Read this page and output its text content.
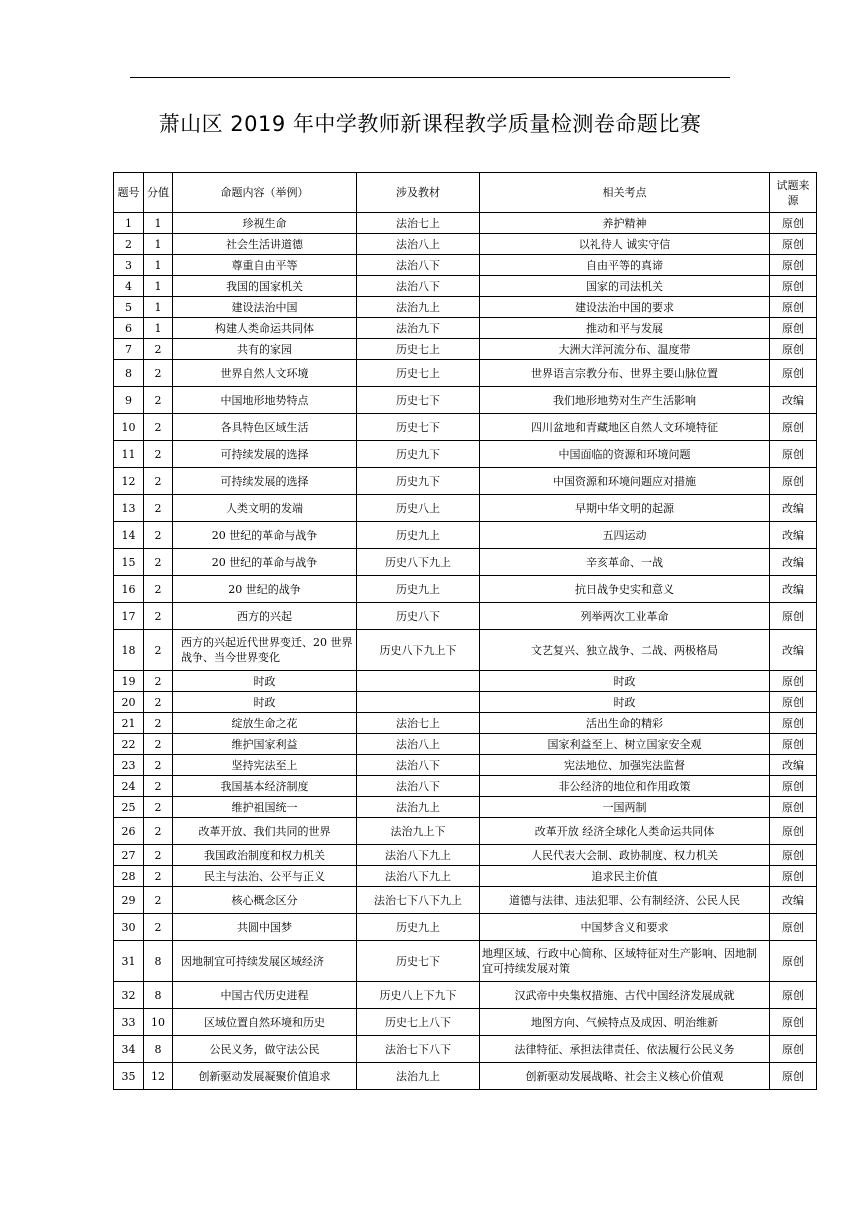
萧山区 2019 年中学教师新课程教学质量检测卷命题比赛
题号	分值	命题内容（举例）	涉及教材	相关考点	试题来源
1	1	珍视生命	法治七上	养护精神	原创
2	1	社会生活讲道德	法治八上	以礼待人 诚实守信	原创
3	1	尊重自由平等	法治八下	自由平等的真谛	原创
4	1	我国的国家机关	法治八下	国家的司法机关	原创
5	1	建设法治中国	法治九上	建设法治中国的要求	原创
6	1	构建人类命运共同体	法治九下	推动和平与发展	原创
7	2	共有的家园	历史七上	大洲大洋河流分布、温度带	原创
8	2	世界自然人文环境	历史七上	世界语言宗教分布、世界主要山脉位置	原创
9	2	中国地形地势特点	历史七下	我们地形地势对生产生活影响	改编
10	2	各具特色区域生活	历史七下	四川盆地和青藏地区自然人文环境特征	原创
11	2	可持续发展的选择	历史九下	中国面临的资源和环境问题	原创
12	2	可持续发展的选择	历史九下	中国资源和环境问题应对措施	原创
13	2	人类文明的发端	历史八上	早期中华文明的起源	改编
14	2	20 世纪的革命与战争	历史九上	五四运动	改编
15	2	20 世纪的革命与战争	历史八下九上	辛亥革命、一战	改编
16	2	20 世纪的战争	历史九上	抗日战争史实和意义	改编
17	2	西方的兴起	历史八下	列举两次工业革命	原创
18	2	西方的兴起近代世界变迁、20 世界战争、当今世界变化	历史八下九上下	文艺复兴、独立战争、二战、两极格局	改编
19	2	时政		时政	原创
20	2	时政		时政	原创
21	2	绽放生命之花	法治七上	活出生命的精彩	原创
22	2	维护国家利益	法治八上	国家利益至上、树立国家安全观	原创
23	2	坚持宪法至上	法治八下	宪法地位、加强宪法监督	改编
24	2	我国基本经济制度	法治八下	非公经济的地位和作用政策	原创
25	2	维护祖国统一	法治九上	一国两制	原创
26	2	改革开放、我们共同的世界	法治九上下	改革开放 经济全球化人类命运共同体	原创
27	2	我国政治制度和权力机关	法治八下九上	人民代表大会制、政协制度、权力机关	原创
28	2	民主与法治、公平与正义	法治八下九上	追求民主价值	原创
29	2	核心概念区分	法治七下八下九上	道德与法律、违法犯罪、公有制经济、公民人民	改编
30	2	共圆中国梦	历史九上	中国梦含义和要求	原创
31	8	因地制宜可持续发展区域经济	历史七下	地理区域、行政中心简称、区域特征对生产影响、因地制宜可持续发展对策	原创
32	8	中国古代历史进程	历史八上下九下	汉武帝中央集权措施、古代中国经济发展成就	原创
33	10	区域位置自然环境和历史	历史七上八下	地图方向、气候特点及成因、明治维新	原创
34	8	公民义务，做守法公民	法治七下八下	法律特征、承担法律责任、依法履行公民义务	原创
35	12	创新驱动发展凝聚价值追求	法治九上	创新驱动发展战略、社会主义核心价值观	原创
